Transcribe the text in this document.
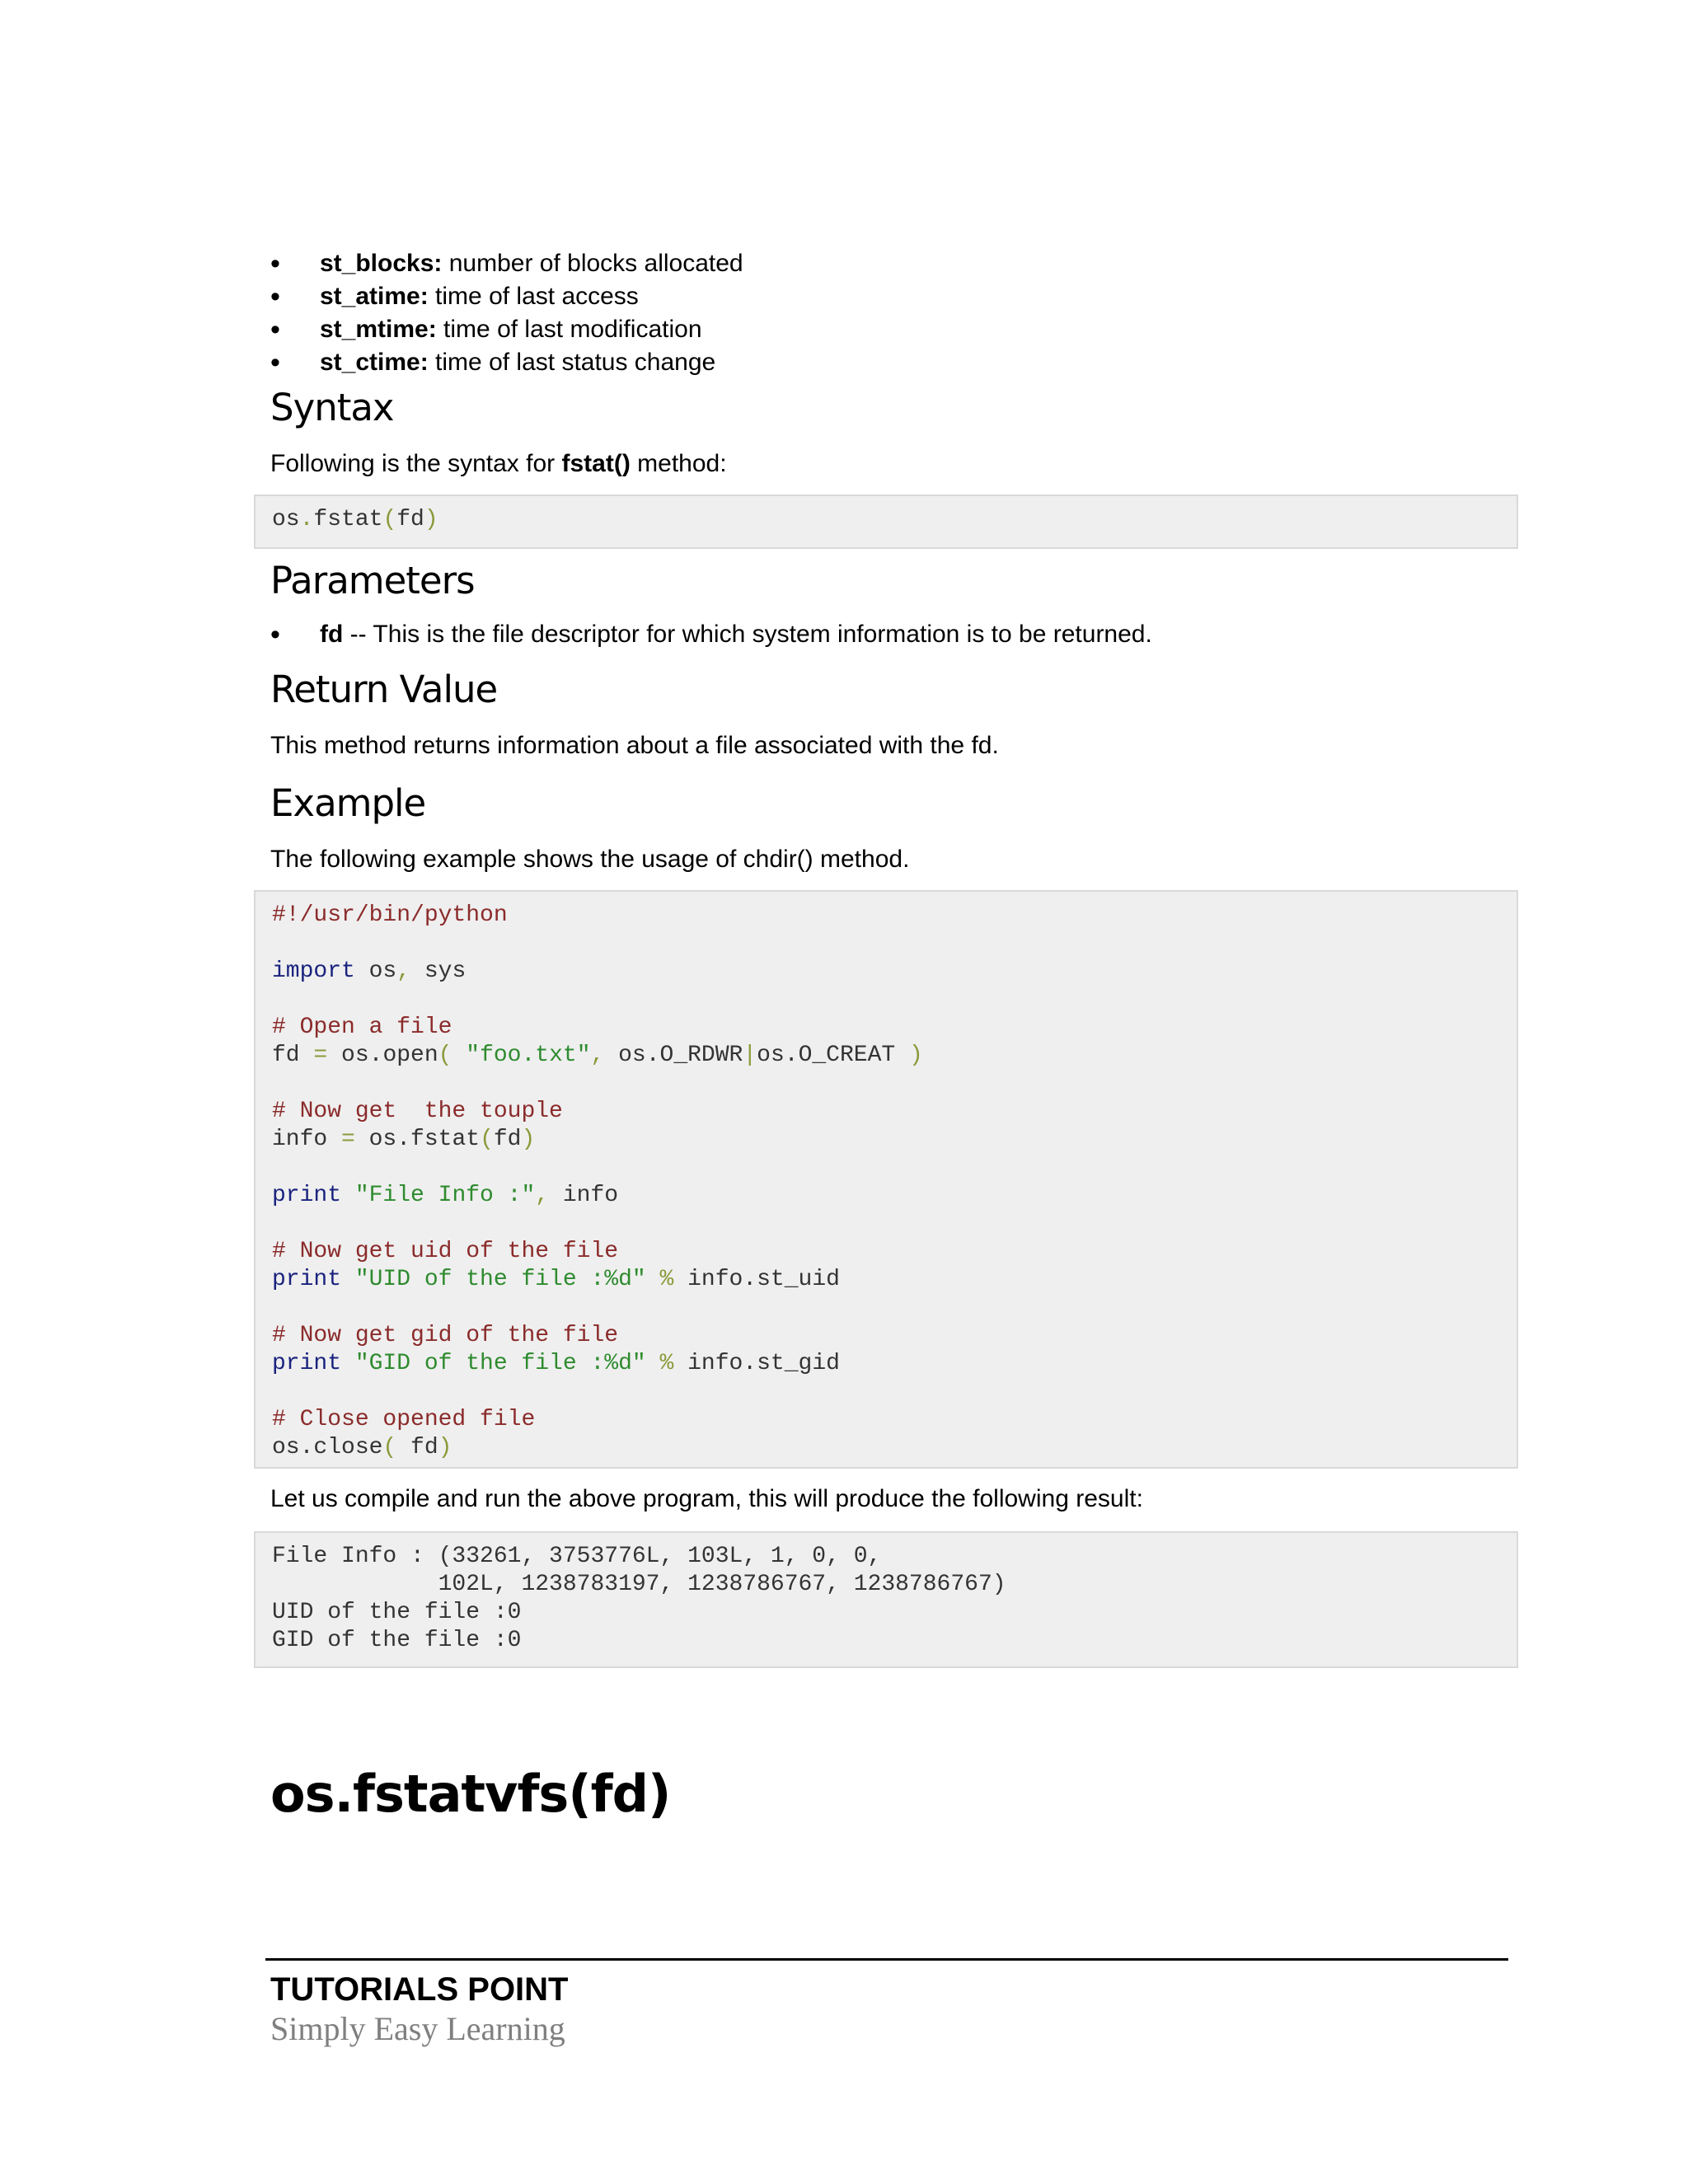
• st_blocks: number of blocks allocated
• st_atime: time of last access
• st_mtime: time of last modification
• st_ctime: time of last status change
Syntax

Following is the syntax for fstat() method:

os.fstat(fd)
Parameters
• fd -- This is the file descriptor for which system information is to be returned.
Return Value

This method returns information about a file associated with the fd.

Example

The following example shows the usage of chdir() method.

#!/usr/bin/python
import os, sys
# Open a file
fd = os.open( "foo.txt", os.O_RDWR|os.O_CREAT )
# Now get  the touple
info = os.fstat(fd)
print "File Info :", info
# Now get uid of the file
print "UID of the file :%d" % info.st_uid
# Now get gid of the file
print "GID of the file :%d" % info.st_gid
# Close opened file
os.close( fd)

Let us compile and run the above program, this will produce the following result:

File Info : (33261, 3753776L, 103L, 1, 0, 0,
102L, 1238783197, 1238786767, 1238786767)
UID of the file :0
GID of the file :0
os.fstatvfs(fd)

TUTORIALS POINT

Simply Easy Learning
